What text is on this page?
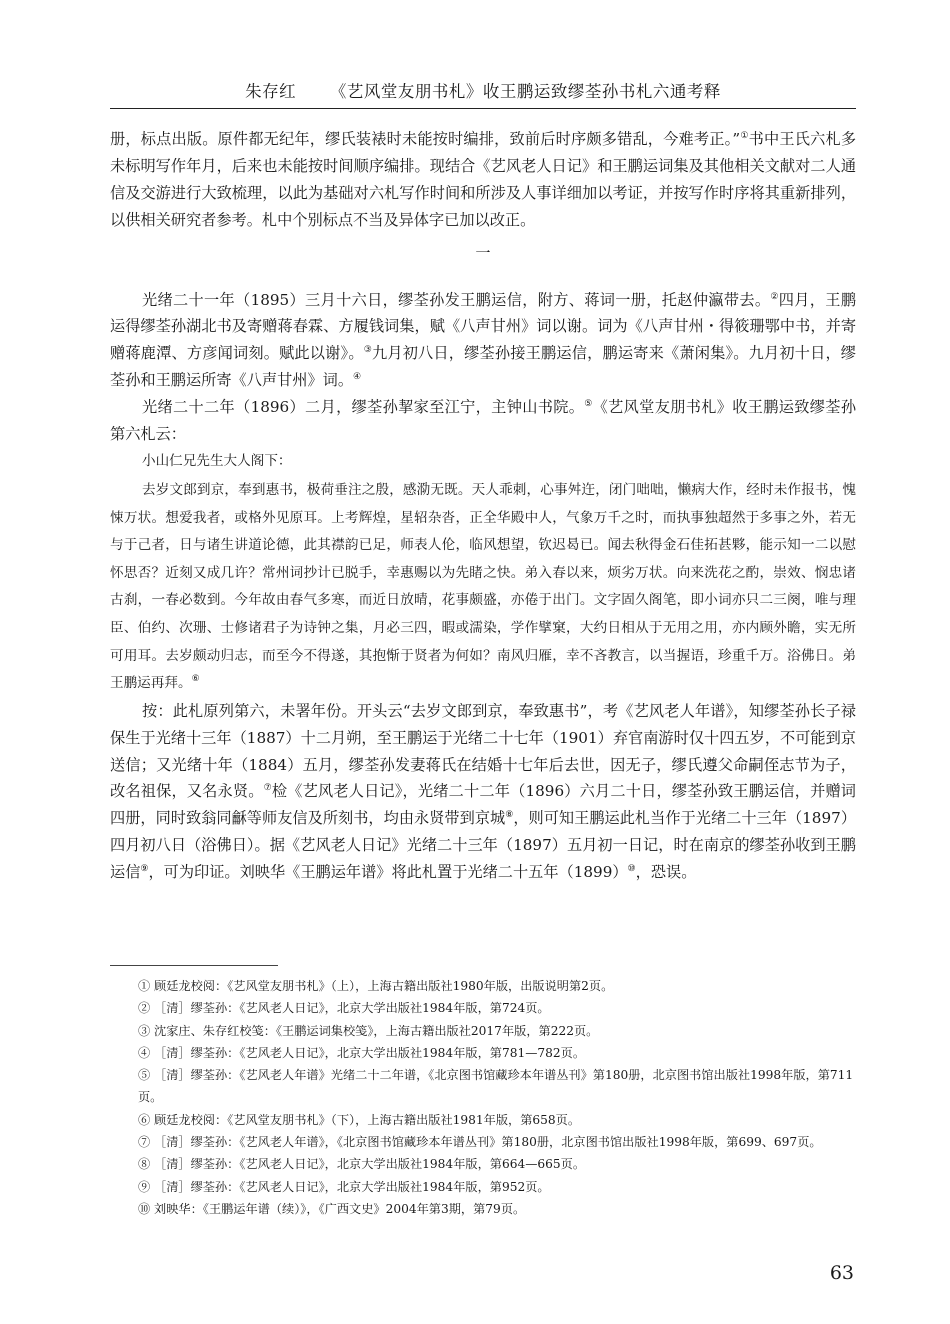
朱存红 《艺风堂友朋书札》收王鹏运致缪荃孙书札六通考释

册，标点出版。原件都无纪年，缪氏装裱时未能按时编排，致前后时序颇多错乱，今难考正。”①书中王氏六札多未标明写作年月，后来也未能按时间顺序编排。现结合《艺风老人日记》和王鹏运词集及其他相关文献对二人通信及交游进行大致梳理，以此为基础对六札写作时间和所涉及人事详细加以考证，并按写作时序将其重新排列，以供相关研究者参考。札中个别标点不当及异体字已加以改正。

一

光绪二十一年（1895）三月十六日，缪荃孙发王鹏运信，附方、蒋词一册，托赵仲瀛带去。②四月，王鹏运得缪荃孙湖北书及寄赠蒋春霖、方履钱词集，赋《八声甘州》词以谢。词为《八声甘州・得筱珊鄂中书，并寄赠蒋鹿潭、方彦闻词刻。赋此以谢》。③九月初八日，缪荃孙接王鹏运信，鹏运寄来《萧闲集》。九月初十日，缪荃孙和王鹏运所寄《八声甘州》词。④

光绪二十二年（1896）二月，缪荃孙挈家至江宁，主钟山书院。⑤《艺风堂友朋书札》收王鹏运致缪荃孙第六札云：

小山仁兄先生大人阁下：

去岁文郎到京，奉到惠书，极荷垂注之殷，感泐无既。天人乖刺，心事舛迕，闭门咄咄，懒病大作，经时未作报书，愧悚万状。想爱我者，或格外见原耳。上考辉煌，星轺杂沓，正全华殿中人，气象万千之时，而执事独超然于多事之外，若无与于己者，日与诸生讲道论德，此其襟韵已足，师表人伦，临风想望，钦迟曷已。闻去秋得金石佳拓甚夥，能示知一二以慰怀思否？近刻又成几许？常州词抄计已脱手，幸惠赐以为先睹之快。弟入春以来，烦劣万状。向来洗花之酌，崇效、悯忠诸古刹，一春必数到。今年故由春气多寒，而近日放晴，花事颇盛，亦倦于出门。文字固久阁笔，即小词亦只二三阕，唯与理臣、伯约、次珊、士修诸君子为诗钟之集，月必三四，暇或濡染，学作擘窠，大约日相从于无用之用，亦内顾外瞻，实无所可用耳。去岁颇动归志，而至今不得遂，其抱惭于贤者为何如？南风归雁，幸不吝教言，以当握语，珍重千万。浴佛日。弟王鹏运再拜。⑥

按：此札原列第六，未署年份。开头云“去岁文郎到京，奉致惠书”，考《艺风老人年谱》，知缪荃孙长子禄保生于光绪十三年（1887）十二月朔，至王鹏运于光绪二十七年（1901）弃官南游时仅十四五岁，不可能到京送信；又光绪十年（1884）五月，缪荃孙发妻蒋氏在结婚十七年后去世，因无子，缪氏遵父命嗣侄志节为子，改名祖保，又名永贤。⑦检《艺风老人日记》，光绪二十二年（1896）六月二十日，缪荃孙致王鹏运信，并赠词四册，同时致翁同龢等师友信及所刻书，均由永贤带到京城⑧，则可知王鹏运此札当作于光绪二十三年（1897）四月初八日（浴佛日）。据《艺风老人日记》光绪二十三年（1897）五月初一日记，时在南京的缪荃孙收到王鹏运信⑨，可为印证。刘映华《王鹏运年谱》将此札置于光绪二十五年（1899）⑩，恐误。

① 顾廷龙校阅：《艺风堂友朋书札》（上），上海古籍出版社1980年版，出版说明第2页。
② ［清］缪荃孙：《艺风老人日记》，北京大学出版社1984年版，第724页。
③ 沈家庄、朱存红校笺：《王鹏运词集校笺》，上海古籍出版社2017年版，第222页。
④ ［清］缪荃孙：《艺风老人日记》，北京大学出版社1984年版，第781—782页。
⑤ ［清］缪荃孙：《艺风老人年谱》光绪二十二年谱，《北京图书馆藏珍本年谱丛刊》第180册，北京图书馆出版社1998年版，第711页。
⑥ 顾廷龙校阅：《艺风堂友朋书札》（下），上海古籍出版社1981年版，第658页。
⑦ ［清］缪荃孙：《艺风老人年谱》，《北京图书馆藏珍本年谱丛刊》第180册，北京图书馆出版社1998年版，第699、697页。
⑧ ［清］缪荃孙：《艺风老人日记》，北京大学出版社1984年版，第664—665页。
⑨ ［清］缪荃孙：《艺风老人日记》，北京大学出版社1984年版，第952页。
⑩ 刘映华：《王鹏运年谱（续）》，《广西文史》2004年第3期，第79页。
63
